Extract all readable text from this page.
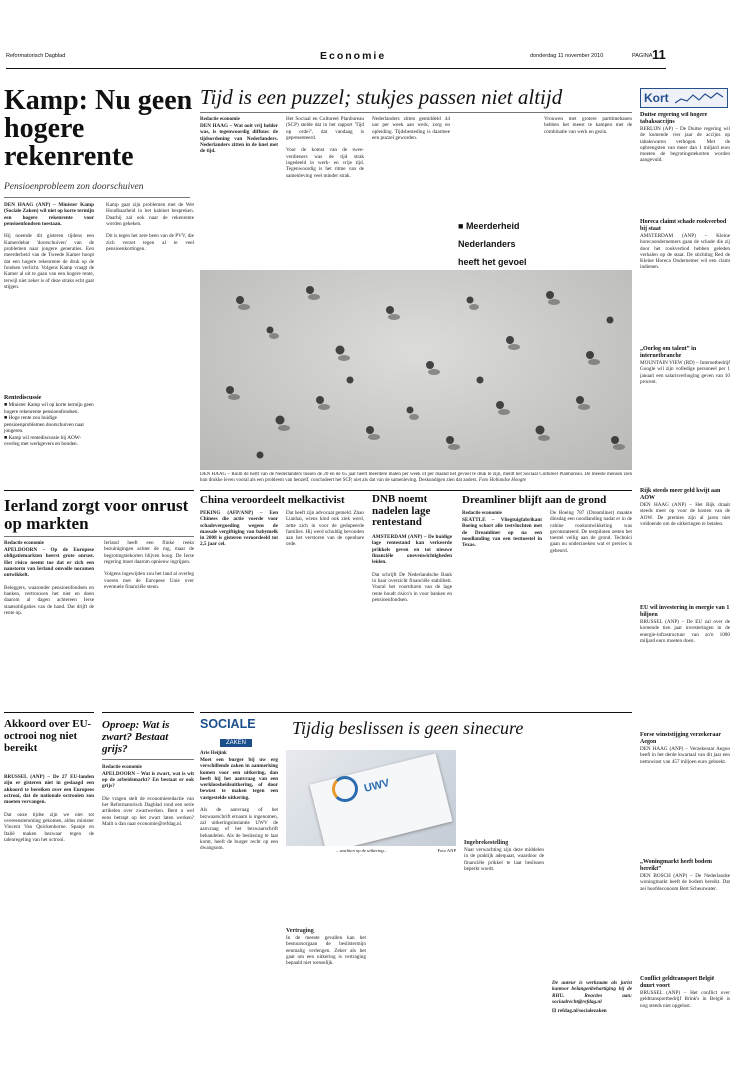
Reformatorisch Dagblad	Economie	donderdag 11 november 2010	PAGINA 11
Kamp: Nu geen hogere rekenrente
Pensioenprobleem zon doorschuiven
DEN HAAG (ANP) – Minister Kamp (Sociale Zaken) wil niet op korte termijn een hogere rekenrente voor pensioenfondsen toestaan.

Hij noemde dit gisteren tijdens een Kamerdebat 'doorschuiven' van de problemen naar jongere generaties. Een meerderheid van de Tweede Kamer hoopt dat een hogere rekenrente de druk op de fondsen verlicht. Volgens Kamp vraagt de Kamer al uit te gaan van een hogere rente, terwijl niet zeker is of deze straks echt gaat stijgen.
Rentediscussie
■ Minister Kamp wil op korte termijn geen hogere rekenrente pensioenfondsen.
■ Hoge rente zou huidige pensioenproblemen doorschuiven naar jongeren.
■ Kamp wil rentediscussie bij AOW-overleg met werkgevers en bonden.
Kamp gaat zijn problemen met de Wet Houdbaarheid in het kabinet bespreken. Daarbij zal ook naar de rekenrente worden gekeken.

Dit is tegen het zere been van de PVV, die zich verzet tegen al te veel pensioenkortingen.
Tijd is een puzzel; stukjes passen niet altijd
Redactie economie
DEN HAAG – Wat ooit vrij helder was, is tegenwoordig diffuus: de tijdsordening van Nederlanders. Nederlanders zitten in de knel met de tijd.
Het Sociaal en Cultureel Planbureau (SCP) stelde dat in het rapport 'Tijd op orde?', dat vandaag is gepresenteerd.

Voor de komst van de twee-verdieners was de tijd strak ingedeeld in werk- en vrije tijd. Tegenwoordig is het ritme van de samenleving veel minder strak.
Nederlanders zitten gemiddeld 44 uur per week aan werk, zorg en opleiding. Tijdsbesteding is daarmee een puzzel geworden.
■ Meerderheid Nederlanders heeft het gevoel
Vrouwen met grotere parttimebanen hebben het meest te kampen met de combinatie van werk en gezin.
DEN HAAG – Ruim de helft van de Nederlanders tussen de 20 en de 65 jaar heeft meerdere malen per week of per maand het gevoel te druk te zijn, meldt het Sociaal Cultureel Planbureau. De meeste mensen zien hun drukke leven vooral als een probleem van henzelf, concludeert het SCP, niet als dat van de samenleving. Deskundigen zien dat anders. Foto Hollandse Hoogte
Kort
Duitse regering wil hogere tabaksaccijns
BERLIJN (AP) – De Duitse regering wil de komende vier jaar de accijns op tabakswaren verhogen. Met de opbrengsten van meer dan 1 miljard euro moeten de begrotingstekorten worden aangevuld.
Horeca claimt schade rookverbod bij staat
AMSTERDAM (ANP) – Kleine horecaondernemers gaan de schade die zij door het rookverbod hebben geleden verhalen op de staat. De stichting Red de Kleine Horeca Ondernemer wil een claim indienen.
„Oorlog om talent” in internetbranche
MOUNTAIN VIEW (RD) – Internetbedrijf Google wil zijn volledige personeel per 1 januari een salarisverhoging geven van 10 procent.
Rijk steeds meer geld kwijt aan AOW
DEN HAAG (ANP) – Het Rijk draait steeds meer op voor de kosten van de AOW. De premies zijn al jaren niet voldoende om de uitkeringen te betalen.
EU wil investering in energie van 1 biljoen
BRUSSEL (ANP) – De EU zal over de komende tien jaar investeringen in de energie-infrastructuur van zo'n 1000 miljard euro moeten doen.
Forse winststijging verzekeraar Aegon
DEN HAAG (ANP) – Verzekeraar Aegon heeft in het derde kwartaal van dit jaar een nettowinst van 457 miljoen euro geboekt.
„Woningmarkt heeft bodem bereikt”
DEN BOSCH (ANP) – De Nederlandse woningmarkt heeft de bodem bereikt. Dat zei hoofdeconoom Bert Scheurwater.
Conflict geldtransport België duurt voort
BRUSSEL (ANP) – Het conflict over geldtransportbedrijf Brink's in België is nog steeds niet opgelost.
Ierland zorgt voor onrust op markten
Redactie economie
APELDOORN – Op de Europese obligatiemarkten heerst grote onrust. Het risico neemt toe dat er zich een nanstorm van Ierland omvolle noramen ontwikkelt.

Beleggers, waaronder pensioenfondsen en banken, vertrouwen het niet en doen daarom al dagen achtereen Ierse staatsobligaties van de hand. Dat drijft de rente op.
Ierland heeft een flinke reeks bezuinigingen achter de rug, maar de begrotingstekorten blijven hoog. De Ierse regering moet daarom opnieuw ingrijpen.

Volgens ingewijden zou het land al overleg voeren met de Europese Unie over eventuele financiële steun.
China veroordeelt melkactivist
PEKING (AFP/ANP) – Een Chinees die actie voerde voor schadevergoeding wegens de massale vergiftiging van babymelk in 2008 is gisteren veroordeeld tot 2,5 jaar cel.
Dat heeft zijn advocaat gemeld. Zhao Lianhai, wiens kind ook ziek werd, zette zich in voor de gedupeerde families. Hij werd schuldig bevonden aan het verstoren van de openbare orde.
DNB noemt nadelen lage rentestand
AMSTERDAM (ANP) – De huidige lage rentestand kan verkeerde prikkels geven en tot nieuwe financiële onevenwichtigheden leiden.

Dat schrijft De Nederlandsche Bank in haar overzicht financiële stabiliteit. Vooral het voortduren van de lage rente houdt risico's in voor banken en pensioenfondsen.
Dreamliner blijft aan de grond
Redactie economie
SEATTLE – Vliegtuigfabrikant Boeing schort alle testvluchten met de Dreamliner op na een noodlanding van een testtoestel in Texas.
De Boeing 787 (Dreamliner) maakte dinsdag een noodlanding nadat er in de cabine rookontwikkeling was geconstateerd. De testpiloten zetten het toestel veilig aan de grond. Technici gaan nu onderzoeken wat er precies is gebeurd.
SOCIALE
ZAKEN
Tijdig beslissen is geen sinecure
Arie Heijink
Moet een burger bij uw erg verschillende zaken in aanmerking komen voor een uitkering, dan heeft hij het aanvraag van een werkloosheidsuitkering, of door bewust te maken tegen een vastgestelde uitkering.

Als de aanvraag of het bezwaarschrift ernaam is ingenomen, zal uitkeringsinstantie UWV de aanvraag of het bezwaarschrift behandelen. Als de beslissing te laat komt, heeft de burger recht op een dwangsom.
UWV
...wachten op de uitkering...	Foto ANP
Vertraging
In de meeste gevallen kan het bestuursorgaan de beslistermijn eenmalig verlengen. Zeker als het gaat om een uitkering is vertraging bepaald niet wenselijk.
Ingebrekestelling
Naar verwachting zijn deze middelen in de praktijk adequaat, waardoor de financiële prikkel te laat beslissen beperkt wordt.
De auteur is werkzaam als jurist kantoor belangenbehartiging bij de RHU. Reacties aan: sociaalrecht@refdag.nl
⊡ refdag.nl/socialezaken
Akkoord over EU-octrooi nog niet bereikt
BRUSSEL (ANP) – De 27 EU-landen zijn er gisteren niet in geslaagd een akkoord te bereiken over een Europees octrooi, dat de nationale octrooien zou moeten vervangen.

Dat onze tijdse zijn we niet tot overeenstemming gekomen, aldus minister Vincent Van Quickenborne. Spanje en Italië maken bezwaar tegen de talenregeling van het octrooi.
Oproep: Wat is zwart? Bestaat grijs?
Redactie economie
APELDOORN – Wat is zwart, wat is wit op de arbeidsmarkt? En bestaat er ook grijs?

Die vragen stelt de economieredactie van het Reformatorisch Dagblad rond een serie artikelen over zwartwerken. Bent u wel eens betrapt op het zwart laten werken? Mailt u dan naar economie@refdag.nl.
